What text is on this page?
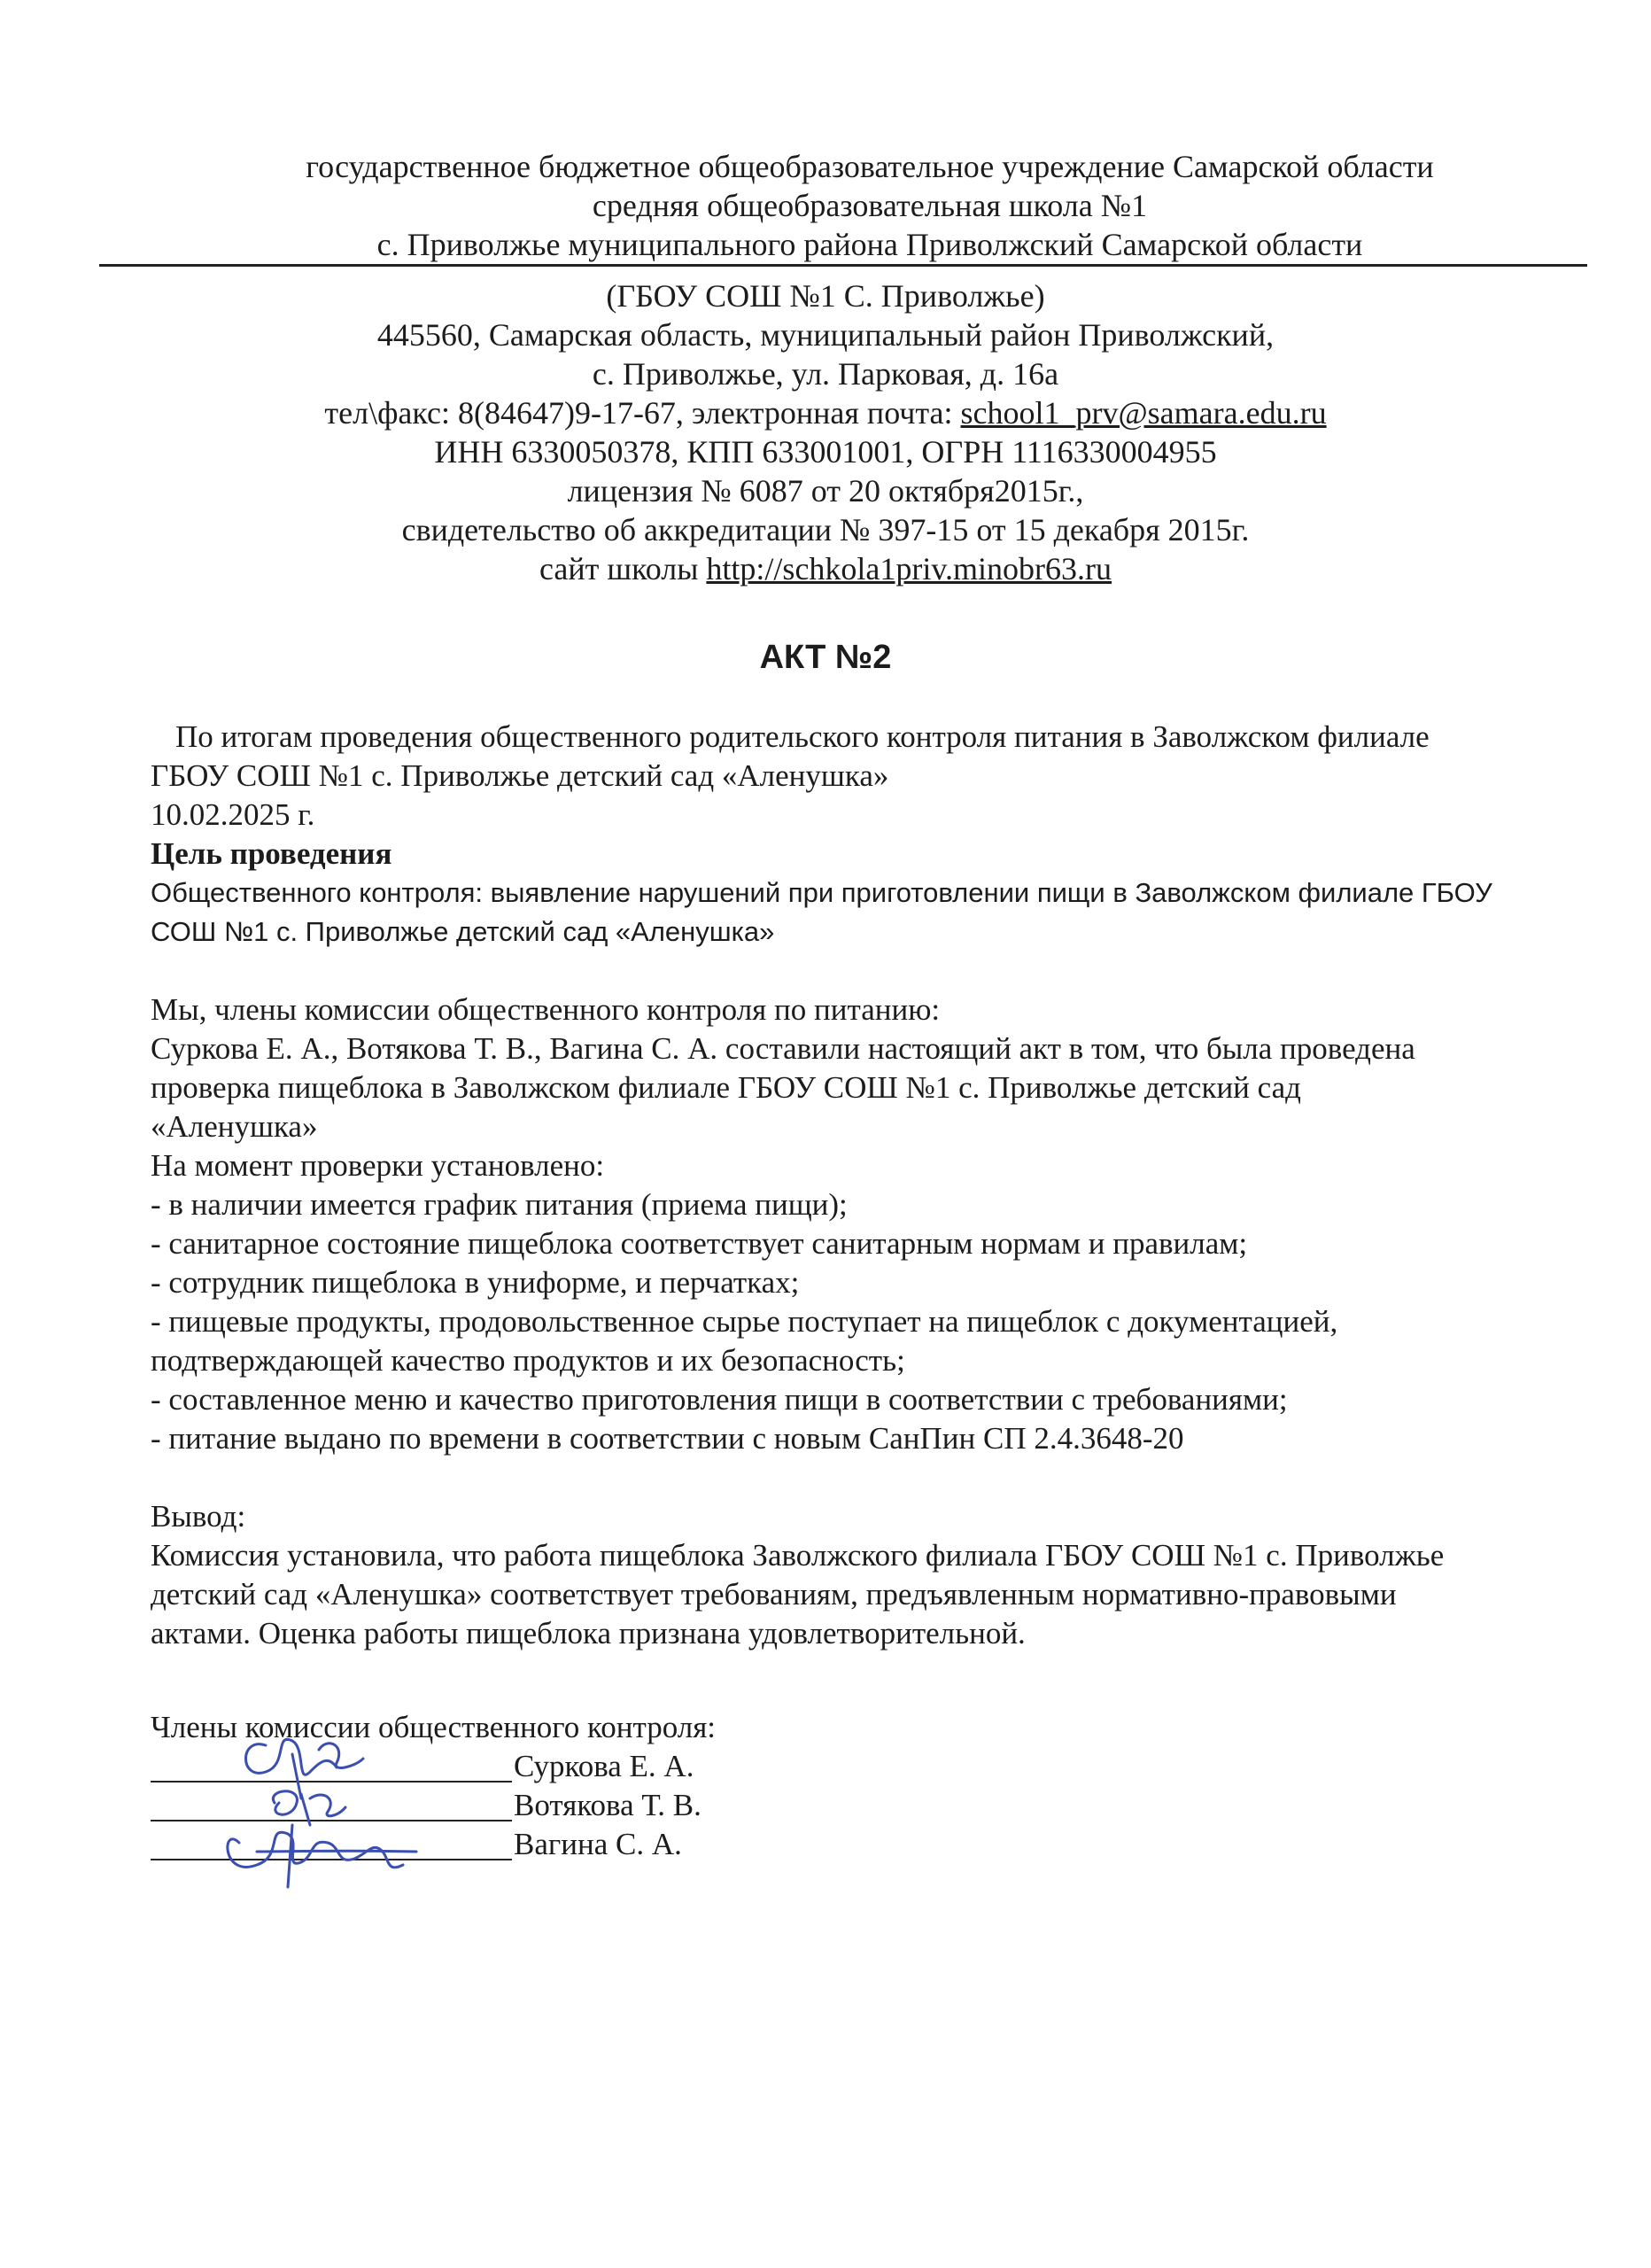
государственное бюджетное общеобразовательное учреждение Самарской области
средняя общеобразовательная школа №1
с. Приволжье муниципального района Приволжский Самарской области
(ГБОУ СОШ №1 С. Приволжье)
445560, Самарская область, муниципальный район Приволжский,
с. Приволжье, ул. Парковая, д. 16а
тел\факс: 8(84647)9-17-67, электронная почта: school1_prv@samara.edu.ru
ИНН 6330050378, КПП 633001001, ОГРН 1116330004955
лицензия № 6087 от 20 октября2015г.,
свидетельство об аккредитации № 397-15 от 15 декабря 2015г.
сайт школы http://schkola1priv.minobr63.ru
АКТ №2
По итогам проведения общественного родительского контроля питания в Заволжском филиале
ГБОУ СОШ №1 с. Приволжье детский сад «Аленушка»
10.02.2025 г.
Цель проведения
Общественного контроля: выявление нарушений при приготовлении пищи в Заволжском филиале ГБОУ
СОШ №1 с. Приволжье детский сад «Аленушка»
Мы, члены комиссии общественного контроля по питанию:
Суркова Е. А., Вотякова Т. В., Вагина С. А. составили настоящий акт в том, что была проведена
проверка пищеблока в Заволжском филиале ГБОУ СОШ №1 с. Приволжье детский сад
«Аленушка»
На момент проверки установлено:
- в наличии имеется график питания (приема пищи);
- санитарное состояние пищеблока соответствует санитарным нормам и правилам;
- сотрудник пищеблока в униформе, и перчатках;
- пищевые продукты, продовольственное сырье поступает на пищеблок с документацией,
подтверждающей качество продуктов и их безопасность;
- составленное меню и качество приготовления пищи в соответствии с требованиями;
- питание выдано по времени в соответствии с новым СанПин СП 2.4.3648-20
Вывод:
Комиссия установила, что работа пищеблока Заволжского филиала ГБОУ СОШ №1 с. Приволжье
детский сад «Аленушка» соответствует требованиям, предъявленным нормативно-правовыми
актами. Оценка работы пищеблока признана удовлетворительной.
Члены комиссии общественного контроля:
Суркова Е. А.
Вотякова Т. В.
Вагина С. А.
